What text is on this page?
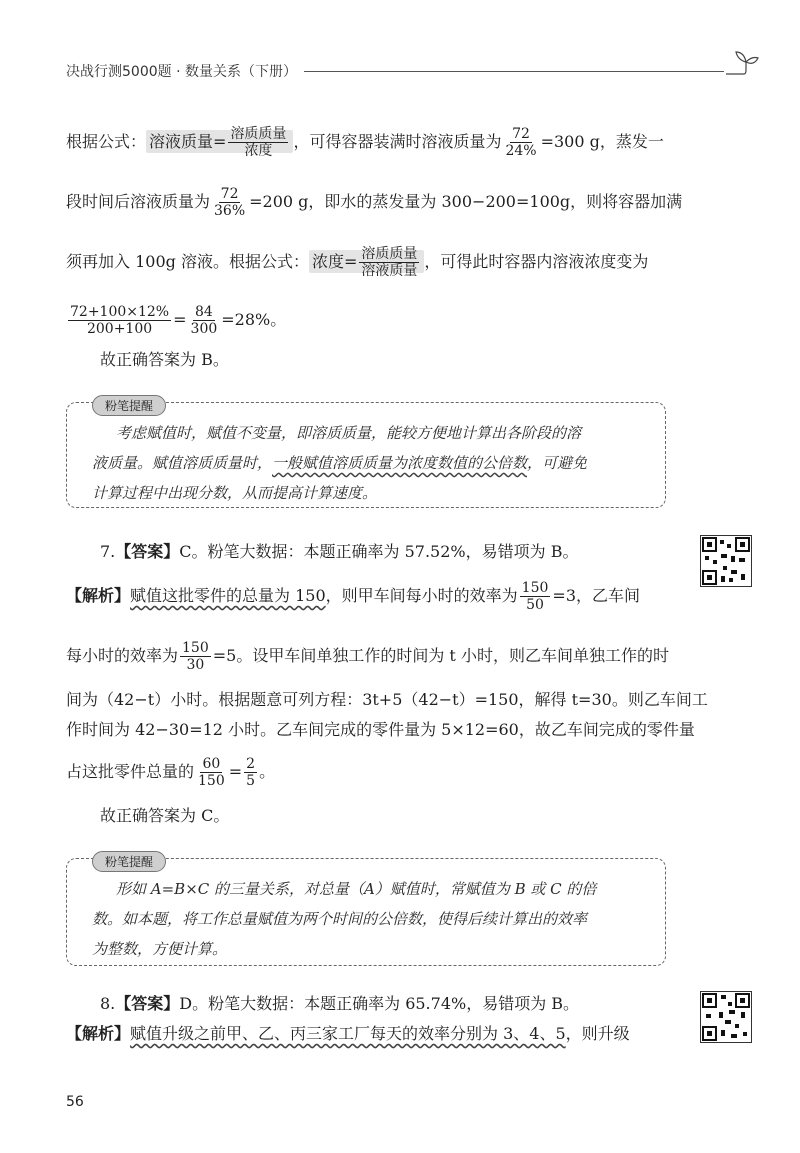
决战行测5000题 · 数量关系（下册）
根据公式： 溶液质量= $\frac{\text{溶质质量}}{\text{浓度}}$ ，可得容器装满时溶液质量为 $\frac{72}{24\%} =300$ g，蒸发一
段时间后溶液质量为 $\frac{72}{36\%} =200$ g，即水的蒸发量为 300−200=100g，则将容器加满
须再加入 100g 溶液。根据公式： 浓度= $\frac{\text{溶质质量}}{\text{溶液质量}}$ ，可得此时容器内溶液浓度变为
$\frac{72+100\times 12\%}{200+100} = \frac{84}{300} =28\%$。
故正确答案为 B。
粉笔提醒
考虑赋值时，赋值不变量，即溶质质量，能较方便地计算出各阶段的溶
液质量。赋值溶质质量时，一般赋值溶质质量为浓度数值的公倍数，可避免
计算过程中出现分数，从而提高计算速度。
7.【答案】C。粉笔大数据：本题正确率为 57.52%，易错项为 B。
【解析】赋值这批零件的总量为 150，则甲车间每小时的效率为 $\frac{150}{50} =3$，乙车间
每小时的效率为 $\frac{150}{30} =5$。设甲车间单独工作的时间为 t 小时，则乙车间单独工作的时
间为（42−t）小时。根据题意可列方程：3t+5（42−t）=150，解得 t=30。则乙车间工
作时间为 42−30=12 小时。乙车间完成的零件量为 5×12=60，故乙车间完成的零件量
占这批零件总量的 $\frac{60}{150} = \frac{2}{5}$ 。
故正确答案为 C。
粉笔提醒
形如 A=B×C 的三量关系，对总量（A）赋值时，常赋值为 B 或 C 的倍
数。如本题，将工作总量赋值为两个时间的公倍数，使得后续计算出的效率
为整数，方便计算。
8.【答案】D。粉笔大数据：本题正确率为 65.74%，易错项为 B。
【解析】赋值升级之前甲、乙、丙三家工厂每天的效率分别为 3、4、5，则升级
56
